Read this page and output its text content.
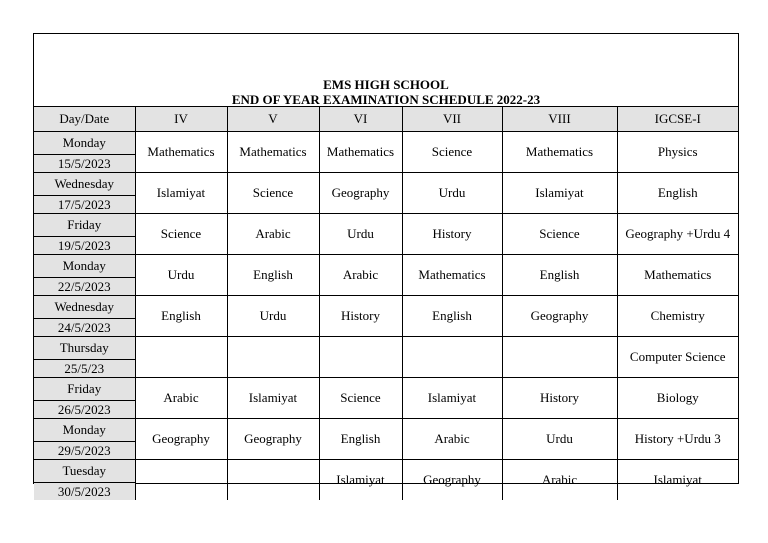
EMS HIGH SCHOOL
END OF YEAR EXAMINATION SCHEDULE 2022-23
Day/Date	IV	V	VI	VII	VIII	IGCSE-I

Monday
15/5/2023	Mathematics	Mathematics	Mathematics	Science	Mathematics	Physics

Wednesday
17/5/2023	Islamiyat	Science	Geography	Urdu	Islamiyat	English

Friday
19/5/2023	Science	Arabic	Urdu	History	Science	Geography +Urdu 4

Monday
22/5/2023	Urdu	English	Arabic	Mathematics	English	Mathematics

Wednesday
24/5/2023	English	Urdu	History	English	Geography	Chemistry

Thursday
25/5/23						Computer Science

Friday
26/5/2023	Arabic	Islamiyat	Science	Islamiyat	History	Biology

Monday
29/5/2023	Geography	Geography	English	Arabic	Urdu	History +Urdu 3

Tuesday
30/5/2023			Islamiyat	Geography	Arabic	Islamiyat
